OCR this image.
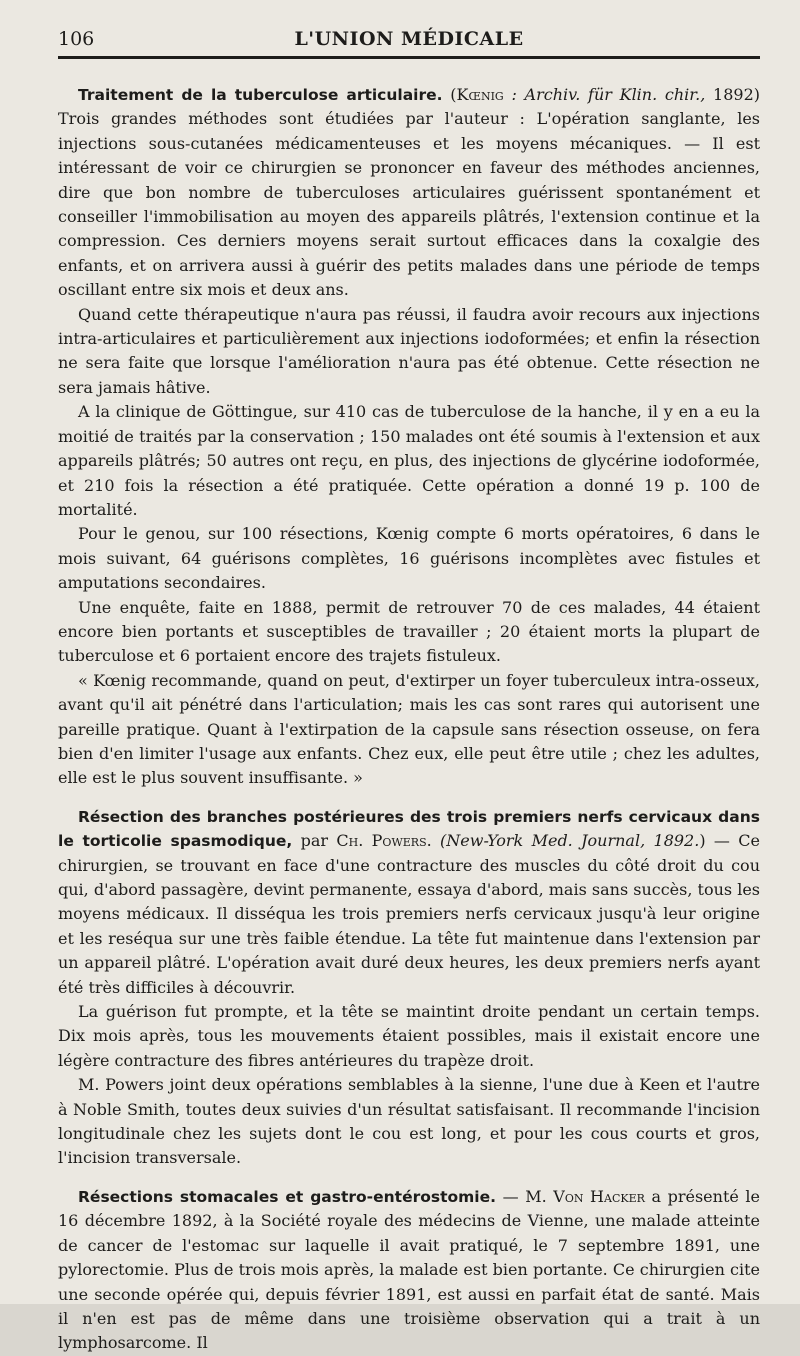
106	L'UNION MÉDICALE

Traitement de la tuberculose articulaire. (Kœnig : Archiv. für Klin. chir., 1892) Trois grandes méthodes sont étudiées par l'auteur : L'opération sanglante, les injections sous-cutanées médicamenteuses et les moyens mécaniques. — Il est intéressant de voir ce chirurgien se prononcer en faveur des méthodes anciennes, dire que bon nombre de tuberculoses articulaires guérissent spontanément et conseiller l'immobilisation au moyen des appareils plâtrés, l'extension continue et la compression. Ces derniers moyens serait surtout efficaces dans la coxalgie des enfants, et on arrivera aussi à guérir des petits malades dans une période de temps oscillant entre six mois et deux ans.

Quand cette thérapeutique n'aura pas réussi, il faudra avoir recours aux injections intra-articulaires et particulièrement aux injections iodoformées; et enfin la résection ne sera faite que lorsque l'amélioration n'aura pas été obtenue. Cette résection ne sera jamais hâtive.

A la clinique de Göttingue, sur 410 cas de tuberculose de la hanche, il y en a eu la moitié de traités par la conservation ; 150 malades ont été soumis à l'extension et aux appareils plâtrés; 50 autres ont reçu, en plus, des injections de glycérine iodoformée, et 210 fois la résection a été pratiquée. Cette opération a donné 19 p. 100 de mortalité.

Pour le genou, sur 100 résections, Kœnig compte 6 morts opératoires, 6 dans le mois suivant, 64 guérisons complètes, 16 guérisons incomplètes avec fistules et amputations secondaires.

Une enquête, faite en 1888, permit de retrouver 70 de ces malades, 44 étaient encore bien portants et susceptibles de travailler ; 20 étaient morts la plupart de tuberculose et 6 portaient encore des trajets fistuleux.

« Kœnig recommande, quand on peut, d'extirper un foyer tuberculeux intra-osseux, avant qu'il ait pénétré dans l'articulation; mais les cas sont rares qui autorisent une pareille pratique. Quant à l'extirpation de la capsule sans résection osseuse, on fera bien d'en limiter l'usage aux enfants. Chez eux, elle peut être utile ; chez les adultes, elle est le plus souvent insuffisante. »

Résection des branches postérieures des trois premiers nerfs cervicaux dans le torticolie spasmodique, par Ch. Powers. (New-York Med. Journal, 1892.) — Ce chirurgien, se trouvant en face d'une contracture des muscles du côté droit du cou qui, d'abord passagère, devint permanente, essaya d'abord, mais sans succès, tous les moyens médicaux. Il disséqua les trois premiers nerfs cervicaux jusqu'à leur origine et les reséqua sur une très faible étendue. La tête fut maintenue dans l'extension par un appareil plâtré. L'opération avait duré deux heures, les deux premiers nerfs ayant été très difficiles à découvrir.

La guérison fut prompte, et la tête se maintint droite pendant un certain temps. Dix mois après, tous les mouvements étaient possibles, mais il existait encore une légère contracture des fibres antérieures du trapèze droit.

M. Powers joint deux opérations semblables à la sienne, l'une due à Keen et l'autre à Noble Smith, toutes deux suivies d'un résultat satisfaisant. Il recommande l'incision longitudinale chez les sujets dont le cou est long, et pour les cous courts et gros, l'incision transversale.

Résections stomacales et gastro-entérostomie. — M. Von Hacker a présenté le 16 décembre 1892, à la Société royale des médecins de Vienne, une malade atteinte de cancer de l'estomac sur laquelle il avait pratiqué, le 7 septembre 1891, une pylorectomie. Plus de trois mois après, la malade est bien portante. Ce chirurgien cite une seconde opérée qui, depuis février 1891, est aussi en parfait état de santé. Mais il n'en est pas de même dans une troisième observation qui a trait à un lymphosarcome. Il
